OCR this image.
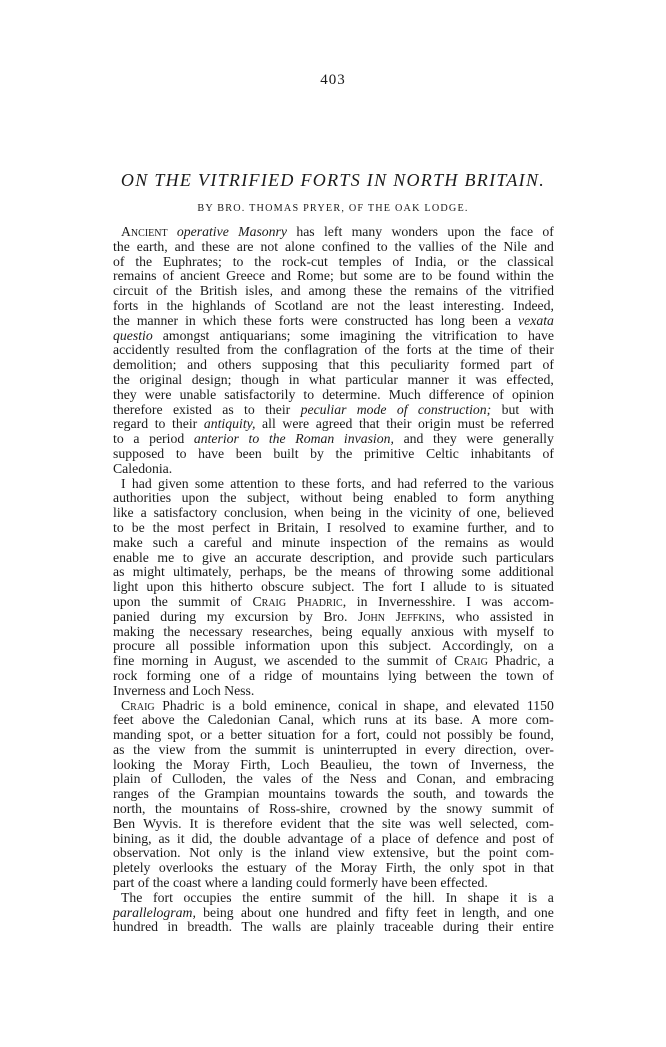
403
ON THE VITRIFIED FORTS IN NORTH BRITAIN.
BY BRO. THOMAS PRYER, OF THE OAK LODGE.
Ancient operative Masonry has left many wonders upon the face of
the earth, and these are not alone confined to the vallies of the Nile and
of the Euphrates; to the rock-cut temples of India, or the classical
remains of ancient Greece and Rome; but some are to be found within the
circuit of the British isles, and among these the remains of the vitrified
forts in the highlands of Scotland are not the least interesting. Indeed,
the manner in which these forts were constructed has long been a vexata
questio amongst antiquarians; some imagining the vitrification to have
accidently resulted from the conflagration of the forts at the time of their
demolition; and others supposing that this peculiarity formed part of
the original design; though in what particular manner it was effected,
they were unable satisfactorily to determine. Much difference of opinion
therefore existed as to their peculiar mode of construction; but with
regard to their antiquity, all were agreed that their origin must be referred
to a period anterior to the Roman invasion, and they were generally
supposed to have been built by the primitive Celtic inhabitants of
Caledonia.
I had given some attention to these forts, and had referred to the various
authorities upon the subject, without being enabled to form anything
like a satisfactory conclusion, when being in the vicinity of one, believed
to be the most perfect in Britain, I resolved to examine further, and to
make such a careful and minute inspection of the remains as would
enable me to give an accurate description, and provide such particulars
as might ultimately, perhaps, be the means of throwing some additional
light upon this hitherto obscure subject. The fort I allude to is situated
upon the summit of Craig Phadric, in Invernesshire. I was accom-
panied during my excursion by Bro. John Jeffkins, who assisted in
making the necessary researches, being equally anxious with myself to
procure all possible information upon this subject. Accordingly, on a
fine morning in August, we ascended to the summit of Craig Phadric, a
rock forming one of a ridge of mountains lying between the town of
Inverness
and
Loch
Ness.
Craig Phadric is a bold eminence, conical in shape, and elevated 1150
feet above the Caledonian Canal, which runs at its base. A more com-
manding spot, or a better situation for a fort, could not possibly be found,
as the view from the summit is uninterrupted in every direction, over-
looking the Moray Firth, Loch Beaulieu, the town of Inverness, the
plain of Culloden, the vales of the Ness and Conan, and embracing
ranges of the Grampian mountains towards the south, and towards the
north, the mountains of Ross-shire, crowned by the snowy summit of
Ben Wyvis. It is therefore evident that the site was well selected, com-
bining, as it did, the double advantage of a place of defence and post of
observation. Not only is the inland view extensive, but the point com-
pletely overlooks the estuary of the Moray Firth, the only spot in that
part
of
the
coast
where
a
landing
could
formerly
have
been
effected.
The fort occupies the entire summit of the hill. In shape it is a
parallelogram, being about one hundred and fifty feet in length, and one
hundred in breadth. The walls are plainly traceable during their entire
